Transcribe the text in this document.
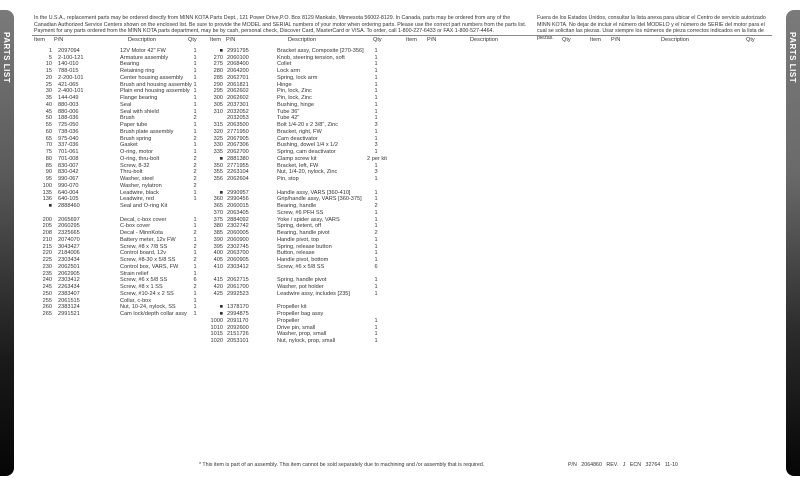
PARTS LIST	PARTS LIST
In the U.S.A., replacement parts may be ordered directly from MINN KOTA Parts Dept., 121 Power Drive,P.O. Box 8129 Mankato, Minnesota 56002-8129. In Canada, parts may be ordered from any of the Canadian Authorized Service Centers shown on the enclosed list. Be sure to provide the MODEL and SERIAL numbers of your motor when ordering parts. Please use the correct part numbers from the parts list. Payment for any parts ordered from the MINN KOTA parts department, may be by cash, personal check, Discover Card, MasterCard or VISA. To order, call 1-800-227-6433 or FAX 1-800-527-4464.
Fuera de los Estados Unidos, consultar la lista anexa para ubicar el Centro de servicio autorizado MINN KOTA. No dejar de incluir el número del MODELO y el número de SERIE del motor para el cual se solicitan las piezas. Usar siempre los números de pieza correctos indicados en la lista de piezas.
Item P/N	Description	Qty
1 2097094	12V Motor 42" FW	1
5 2-100-121	Armature assembly	1
10 140-010	Bearing	1
15 788-015	Retaining ring	1
20 2-200-101	Center housing assembly	1
25 421-065	Brush and housing assembly 1
30 2-400-101	Plain end housing assembly 1
35 144-049	Flange bearing	1
40 880-003	Seal	1
45 880-006	Seal with shield	1
50 188-036	Brush	2
55 725-050	Paper tube	1
60 738-036	Brush plate assembly	1
65 975-040	Brush spring	2
70 337-036	Gasket	1
75 701-061	O-ring, motor	1
80 701-008	O-ring, thru-bolt	2
85 830-007	Screw, 8-32	2
90 830-042	Thru-bolt	2
95 990-067	Washer, steel	2
100 990-070	Washer, nylatron	2
135 640-004	Leadwire, black	1
136 640-105	Leadwire, red	1
■ 2888460	Seal and O-ring Kit
200 2065697	Decal, c-box cover	1
205 2060295	C-box cover	1
208 2325665	Decal - MinnKota	2
210 2074070	Battery meter, 12v FW	1
215 3043427	Screw, #8 x 7/8 SS	2
220 2184006	Control board, 12v	1
225 2303434	Screw, #8-30 x 5/8 SS	2
230 2062501	Control box, VARS, FW	1
235 2062905	Strain relief	1
240 2303412	Screw, #6 x 5/8 SS	6
245 2263434	Screw, #8 x 1 SS	2
250 2383407	Screw, #10-24 x 2 SS	1
255 2061515	Collar, c-box	1
260 2383124	Nut, 10-24, nylock, SS	1
265 2991521	Cam lock/depth collar assy	1
Item P/N	Description	Qty
■ 2991795	Bracket assy, Composite [270-356]	1
270 2060100	Knob, steering tension, soft	1
275 2068400	Collet	1
280 2064200	Lock arm	1
285 2062701	Spring, lock arm	1
290 2061821	Hinge	1
295 2062602	Pin, lock, Zinc	1
300 2062602	Pin, lock, Zinc	1
305 2037301	Bushing, hinge	1
310 2032052	Tube 36"	1
2032053	Tube 42"	1
315 2063500	Bolt 1/4-20 x 2 3/8", Zinc	3
320 2771950	Bracket, right, FW	1
325 2067905	Cam deactivator	1
330 2067306	Bushing, dowel 1/4 x 1/2	3
335 2062700	Spring, cam deactivator	1
■ 2881380	Clamp screw kit	2 per kit
350 2771955	Bracket, left, FW	1
355 2263104	Nut, 1/4-20, nylock, Zinc	3
356 2062604	Pin, stop	1
■ 2990957	Handle assy, VARS [360-410]	1
360 2990456	Grip/handle assy, VARS [360-375]	1
365 2060015	Bearing, handle	2
370 2063405	Screw, #6 PFH SS	1
375 2884092	Yoke / spider assy, VARS	1
380 2302742	Spring, detent, off	1
385 2060005	Bearing, handle pivot	2
390 2060900	Handle pivot, top	1
395 2302745	Spring, release button	1
400 2063700	Button, release	1
405 2060905	Handle pivot, bottom	1
410 2303412	Screw, #6 x 5/8 SS	6
415 2062715	Spring, handle pivot	1
420 2061700	Washer, pot holder	1
425 2992523	Leadwire assy, includes [235]	1
■ 1378170	Propeller kit
■ 2994875	Propeller bag assy
1000 2091170	Propeller	1
1010 2092600	Drive pin, small	1
1015 2151726	Washer, prop, small	1
1020 2053101	Nut, nylock, prop, small	1
Item P/N	Description	Qty	Item P/N	Description	Qty
* This item is part of an assembly. This item cannot be sold separately due to machining and /or assembly that is required.	P/N 2064860 REV. J ECN 32764 11-10
